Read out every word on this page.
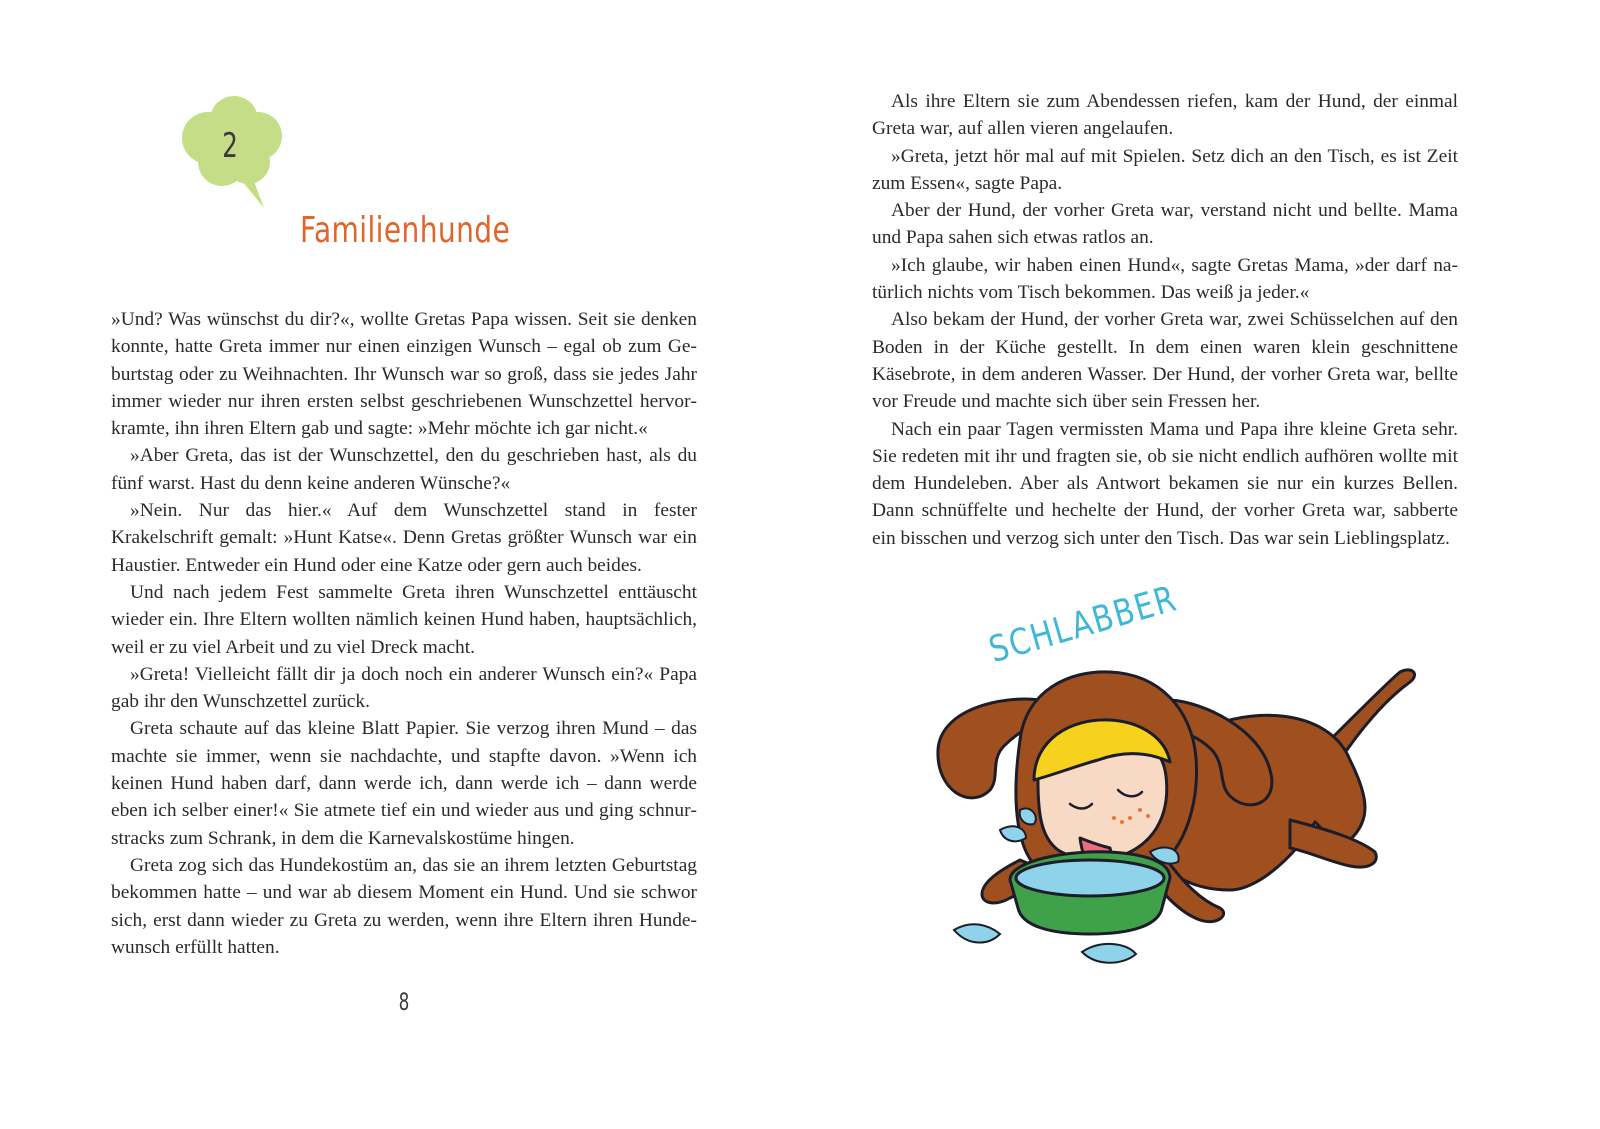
2
Familienhunde

»Und? Was wünschst du dir?«, wollte Gretas Papa wissen. Seit sie denken konnte, hatte Greta immer nur einen einzigen Wunsch – egal ob zum Geburtstag oder zu Weihnachten. Ihr Wunsch war so groß, dass sie jedes Jahr immer wieder nur ihren ersten selbst geschriebenen Wunschzettel hervorkramte, ihn ihren Eltern gab und sagte: »Mehr möchte ich gar nicht.«

»Aber Greta, das ist der Wunschzettel, den du geschrieben hast, als du fünf warst. Hast du denn keine anderen Wünsche?«

»Nein. Nur das hier.« Auf dem Wunschzettel stand in fester Krakelschrift gemalt: »Hunt Katse«. Denn Gretas größter Wunsch war ein Haustier. Entweder ein Hund oder eine Katze oder gern auch beides.

Und nach jedem Fest sammelte Greta ihren Wunschzettel enttäuscht wieder ein. Ihre Eltern wollten nämlich keinen Hund haben, hauptsächlich, weil er zu viel Arbeit und zu viel Dreck macht.

»Greta! Vielleicht fällt dir ja doch noch ein anderer Wunsch ein?« Papa gab ihr den Wunschzettel zurück.

Greta schaute auf das kleine Blatt Papier. Sie verzog ihren Mund – das machte sie immer, wenn sie nachdachte, und stapfte davon. »Wenn ich keinen Hund haben darf, dann werde ich, dann werde ich – dann werde eben ich selber einer!« Sie atmete tief ein und wieder aus und ging schnurstracks zum Schrank, in dem die Karnevalskostüme hingen.

Greta zog sich das Hundekostüm an, das sie an ihrem letzten Geburtstag bekommen hatte – und war ab diesem Moment ein Hund. Und sie schwor sich, erst dann wieder zu Greta zu werden, wenn ihre Eltern ihren Hundewunsch erfüllt hatten.

8

Als ihre Eltern sie zum Abendessen riefen, kam der Hund, der einmal Greta war, auf allen vieren angelaufen.

»Greta, jetzt hör mal auf mit Spielen. Setz dich an den Tisch, es ist Zeit zum Essen«, sagte Papa.

Aber der Hund, der vorher Greta war, verstand nicht und bellte. Mama und Papa sahen sich etwas ratlos an.

»Ich glaube, wir haben einen Hund«, sagte Gretas Mama, »der darf natürlich nichts vom Tisch bekommen. Das weiß ja jeder.«

Also bekam der Hund, der vorher Greta war, zwei Schüsselchen auf den Boden in der Küche gestellt. In dem einen waren klein geschnittene Käsebrote, in dem anderen Wasser. Der Hund, der vorher Greta war, bellte vor Freude und machte sich über sein Fressen her.

Nach ein paar Tagen vermissten Mama und Papa ihre kleine Greta sehr. Sie redeten mit ihr und fragten sie, ob sie nicht endlich aufhören wollte mit dem Hundeleben. Aber als Antwort bekamen sie nur ein kurzes Bellen. Dann schnüffelte und hechelte der Hund, der vorher Greta war, sabberte ein bisschen und verzog sich unter den Tisch. Das war sein Lieblingsplatz.

SCHLABBER
